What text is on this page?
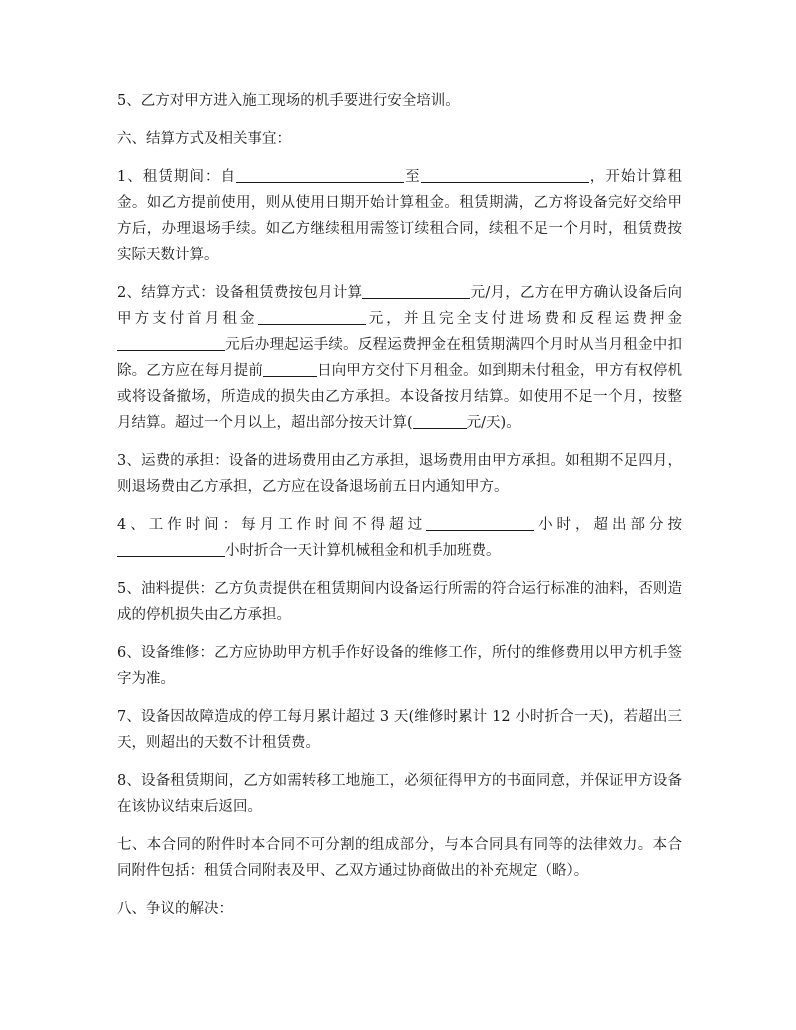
5、乙方对甲方进入施工现场的机手要进行安全培训。

六、结算方式及相关事宜：

1、租赁期间：自	至	，开始计算租金。如乙方提前使用，则从使用日期开始计算租金。租赁期满，乙方将设备完好交给甲方后，办理退场手续。如乙方继续租用需签订续租合同，续租不足一个月时，租赁费按实际天数计算。

2、结算方式：设备租赁费按包月计算	元/月，乙方在甲方确认设备后向甲方支付首月租金	元，并且完全支付进场费和反程运费押金元后办理起运手续。反程运费押金在租赁期满四个月时从当月租金中扣除。乙方应在每月提前	日向甲方交付下月租金。如到期未付租金，甲方有权停机或将设备撤场，所造成的损失由乙方承担。本设备按月结算。如使用不足一个月，按整月结算。超过一个月以上，超出部分按天计算(	元/天)。

3、运费的承担：设备的进场费用由乙方承担，退场费用由甲方承担。如租期不足四月，则退场费由乙方承担，乙方应在设备退场前五日内通知甲方。

4、工作时间：每月工作时间不得超过	小时，超出部分按小时折合一天计算机械租金和机手加班费。

5、油料提供：乙方负责提供在租赁期间内设备运行所需的符合运行标准的油料，否则造成的停机损失由乙方承担。

6、设备维修：乙方应协助甲方机手作好设备的维修工作，所付的维修费用以甲方机手签字为准。

7、设备因故障造成的停工每月累计超过 3 天(维修时累计 12 小时折合一天)，若超出三天，则超出的天数不计租赁费。

8、设备租赁期间，乙方如需转移工地施工，必须征得甲方的书面同意，并保证甲方设备在该协议结束后返回。

七、本合同的附件时本合同不可分割的组成部分，与本合同具有同等的法律效力。本合同附件包括：租赁合同附表及甲、乙双方通过协商做出的补充规定（略）。

八、争议的解决：
